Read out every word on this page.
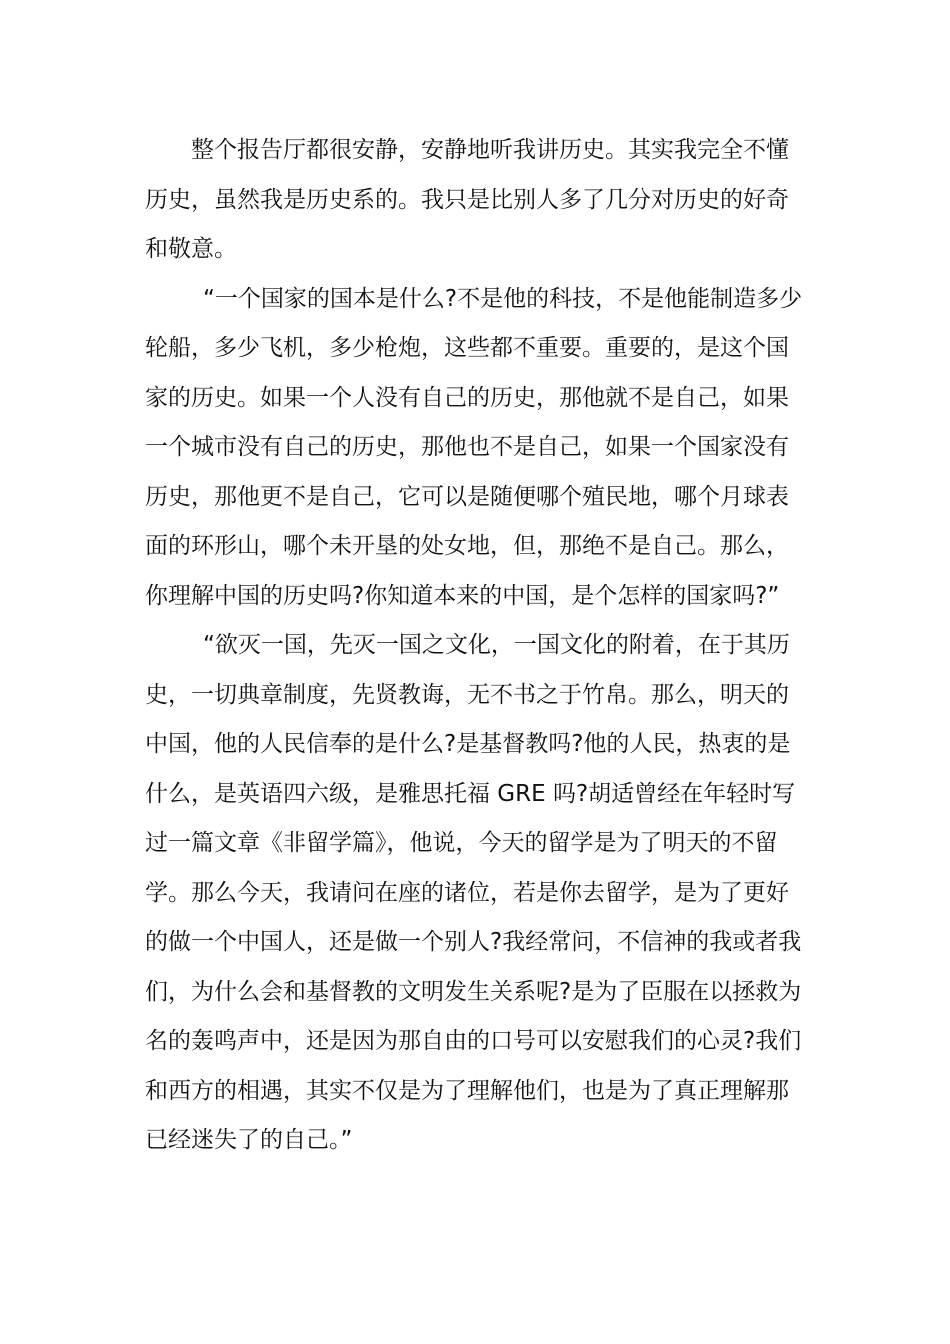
整个报告厅都很安静，安静地听我讲历史。其实我完全不懂
历史，虽然我是历史系的。我只是比别人多了几分对历史的好奇
和敬意。
“一个国家的国本是什么?不是他的科技，不是他能制造多少
轮船，多少飞机，多少枪炮，这些都不重要。重要的，是这个国
家的历史。如果一个人没有自己的历史，那他就不是自己，如果
一个城市没有自己的历史，那他也不是自己，如果一个国家没有
历史，那他更不是自己，它可以是随便哪个殖民地，哪个月球表
面的环形山，哪个未开垦的处女地，但，那绝不是自己。那么，
你理解中国的历史吗?你知道本来的中国，是个怎样的国家吗?”
“欲灭一国，先灭一国之文化，一国文化的附着，在于其历
史，一切典章制度，先贤教诲，无不书之于竹帛。那么，明天的
中国，他的人民信奉的是什么?是基督教吗?他的人民，热衷的是
什么，是英语四六级，是雅思托福 GRE 吗?胡适曾经在年轻时写
过一篇文章《非留学篇》，他说，今天的留学是为了明天的不留
学。那么今天，我请问在座的诸位，若是你去留学，是为了更好
的做一个中国人，还是做一个别人?我经常问，不信神的我或者我
们，为什么会和基督教的文明发生关系呢?是为了臣服在以拯救为
名的轰鸣声中，还是因为那自由的口号可以安慰我们的心灵?我们
和西方的相遇，其实不仅是为了理解他们，也是为了真正理解那
已经迷失了的自己。”
